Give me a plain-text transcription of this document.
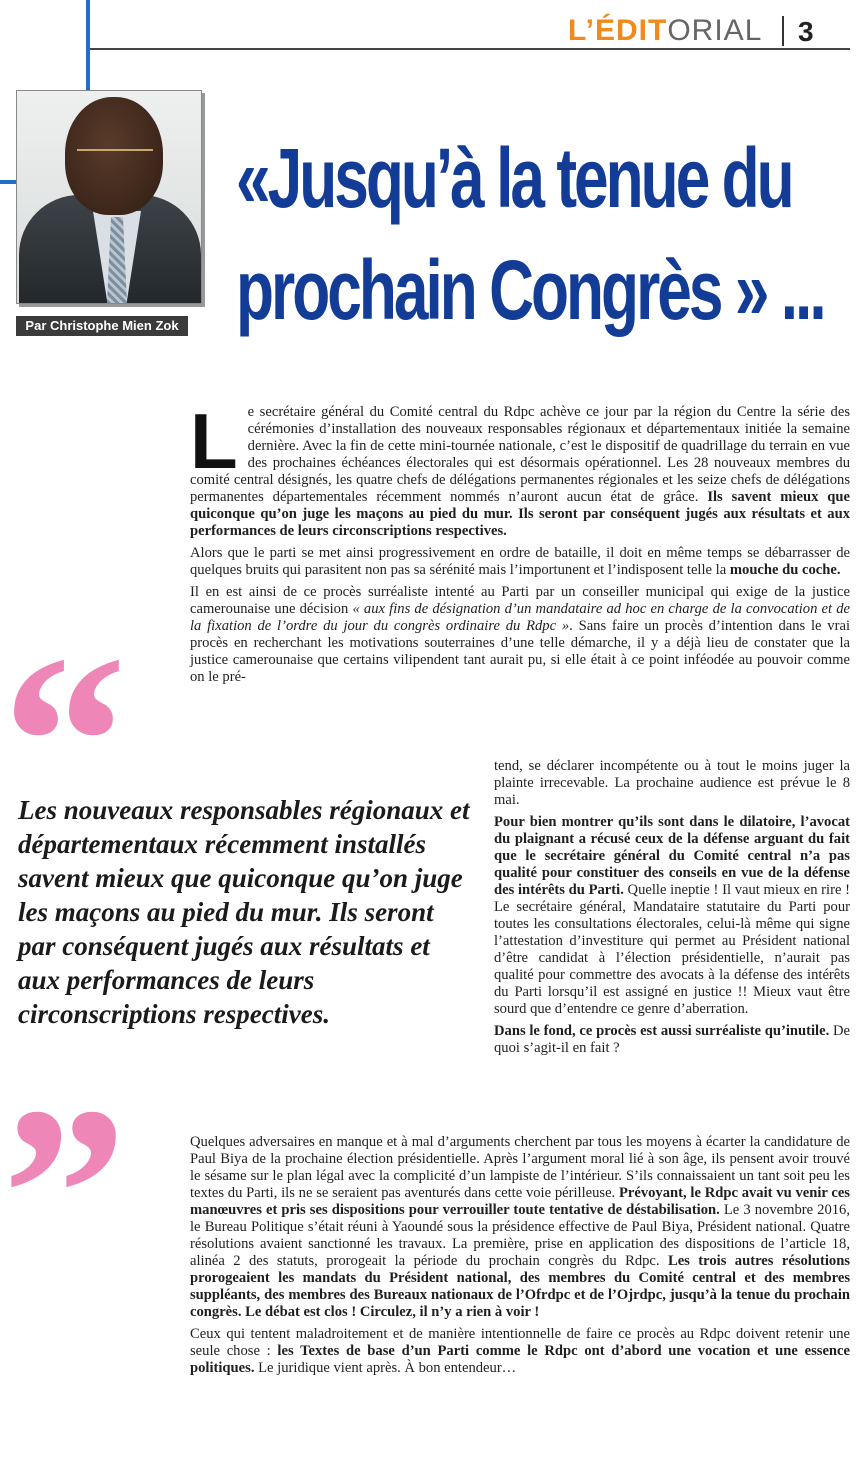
L’ÉDITORIAL 3
Par Christophe Mien Zok
«Jusqu’à la tenue du
prochain Congrès » ...

Le secrétaire général du Comité central du Rdpc achève ce jour par la région du Centre la série des cérémonies d’installation des nouveaux responsables régionaux et départementaux initiée la semaine dernière. Avec la fin de cette mini-tournée nationale, c’est le dispositif de quadrillage du terrain en vue des prochaines échéances électorales qui est désormais opérationnel. Les 28 nouveaux membres du comité central désignés, les quatre chefs de délégations permanentes régionales et les seize chefs de délégations permanentes départementales récemment nommés n’auront aucun état de grâce. Ils savent mieux que quiconque qu’on juge les maçons au pied du mur. Ils seront par conséquent jugés aux résultats et aux performances de leurs circonscriptions respectives.

Alors que le parti se met ainsi progressivement en ordre de bataille, il doit en même temps se débarrasser de quelques bruits qui parasitent non pas sa sérénité mais l’importunent et l’indisposent telle la mouche du coche.

Il en est ainsi de ce procès surréaliste intenté au Parti par un conseiller municipal qui exige de la justice camerounaise une décision « aux fins de désignation d’un mandataire ad hoc en charge de la convocation et de la fixation de l’ordre du jour du congrès ordinaire du Rdpc ». Sans faire un procès d’intention dans le vrai procès en recherchant les motivations souterraines d’une telle démarche, il y a déjà lieu de constater que la justice camerounaise que certains vilipendent tant aurait pu, si elle était à ce point inféodée au pouvoir comme on le pré-

“

Les nouveaux responsables régionaux et départementaux récemment installés savent mieux que quiconque qu’on juge les maçons au pied du mur. Ils seront par conséquent jugés aux résultats et aux performances de leurs circonscriptions respectives.

”

tend, se déclarer incompétente ou à tout le moins juger la plainte irrecevable. La prochaine audience est prévue le 8 mai.

Pour bien montrer qu’ils sont dans le dilatoire, l’avocat du plaignant a récusé ceux de la défense arguant du fait que le secrétaire général du Comité central n’a pas qualité pour constituer des conseils en vue de la défense des intérêts du Parti. Quelle ineptie ! Il vaut mieux en rire ! Le secrétaire général, Mandataire statutaire du Parti pour toutes les consultations électorales, celui-là même qui signe l’attestation d’investiture qui permet au Président national d’être candidat à l’élection présidentielle, n’aurait pas qualité pour commettre des avocats à la défense des intérêts du Parti lorsqu’il est assigné en justice !! Mieux vaut être sourd que d’entendre ce genre d’aberration.

Dans le fond, ce procès est aussi surréaliste qu’inutile. De quoi s’agit-il en fait ?

Quelques adversaires en manque et à mal d’arguments cherchent par tous les moyens à écarter la candidature de Paul Biya de la prochaine élection présidentielle. Après l’argument moral lié à son âge, ils pensent avoir trouvé le sésame sur le plan légal avec la complicité d’un lampiste de l’intérieur. S’ils connaissaient un tant soit peu les textes du Parti, ils ne se seraient pas aventurés dans cette voie périlleuse. Prévoyant, le Rdpc avait vu venir ces manœuvres et pris ses dispositions pour verrouiller toute tentative de déstabilisation. Le 3 novembre 2016, le Bureau Politique s’était réuni à Yaoundé sous la présidence effective de Paul Biya, Président national. Quatre résolutions avaient sanctionné les travaux. La première, prise en application des dispositions de l’article 18, alinéa 2 des statuts, prorogeait la période du prochain congrès du Rdpc. Les trois autres résolutions prorogeaient les mandats du Président national, des membres du Comité central et des membres suppléants, des membres des Bureaux nationaux de l’Ofrdpc et de l’Ojrdpc, jusqu’à la tenue du prochain congrès. Le débat est clos ! Circulez, il n’y a rien à voir !

Ceux qui tentent maladroitement et de manière intentionnelle de faire ce procès au Rdpc doivent retenir une seule chose : les Textes de base d’un Parti comme le Rdpc ont d’abord une vocation et une essence politiques. Le juridique vient après. À bon entendeur…
